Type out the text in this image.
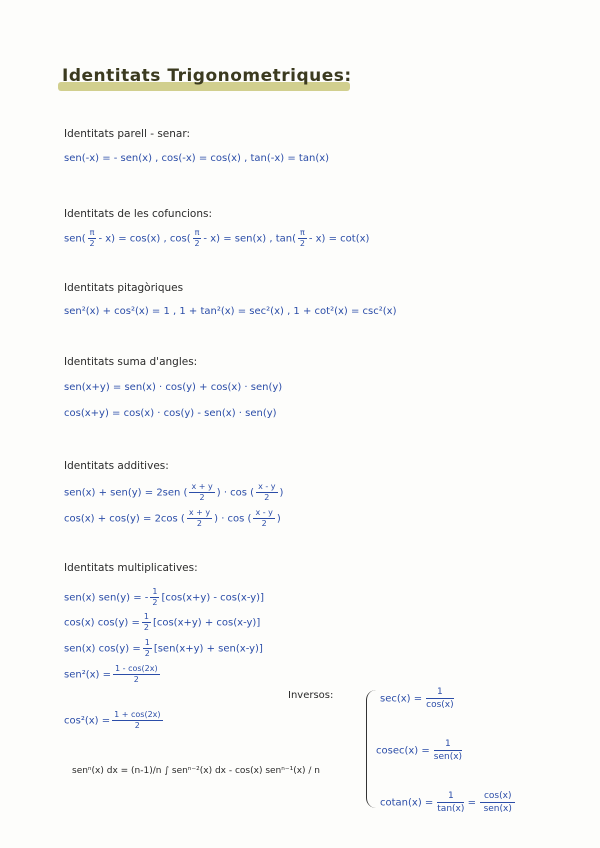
Identitats Trigonometriques:
Identitats parell - senar:
sen(-x) = - sen(x) , cos(-x) = cos(x) , tan(-x) = tan(x)
Identitats de les cofuncions:
$sen( \frac{\pi}{2} - x) = \cos(x)$ , $\cos( \frac{\pi}{2} - x) = sen(x)$ , $\tan( \frac{\pi}{2} - x) = \cot(x)$
Identitats pitagòriques
sen²(x) + cos²(x) = 1 , 1 + tan²(x) = sec²(x) , 1 + cot²(x) = csc²(x)
Identitats suma d'angles:
sen(x+y) = sen(x) · cos(y) + cos(x) · sen(y)
cos(x+y) = cos(x) · cos(y) - sen(x) · sen(y)
Identitats additives:
sen(x) + sen(y) = 2sen ( $\frac{x + y}{2}$ ) · cos ( $\frac{x - y}{2}$ )
cos(x) + cos(y) = 2cos ( $\frac{x + y}{2}$ ) · cos ( $\frac{x - y}{2}$ )
Identitats multiplicatives:
sen(x) sen(y) = - $\frac{1}{2} [\cos(x+y) - \cos(x-y)]$
cos(x) $\cos(y) = \frac{1}{2} [\cos(x+y) + \cos(x-y)]$
sen(x) $\cos(y) = \frac{1}{2} [sen(x+y) + sen(x-y)]$
$sen^2(x) = \frac{1 - \cos(2x)}{2}$
$\cos^2(x) = \frac{1 + \cos(2x)}{2}$
senⁿ(x) dx = (n-1)/n ∫ senⁿ⁻²(x) dx - cos(x) senⁿ⁻¹(x) / n
Inversos:	$\sec(x) = \frac{1}{\cos(x)}$
$cosec(x) = \frac{1}{\text{sen(x)}}$
$cotan(x) = \frac{1}{\tan(x)} = \frac{\cos(x)}{\text{sen(x)}}$
